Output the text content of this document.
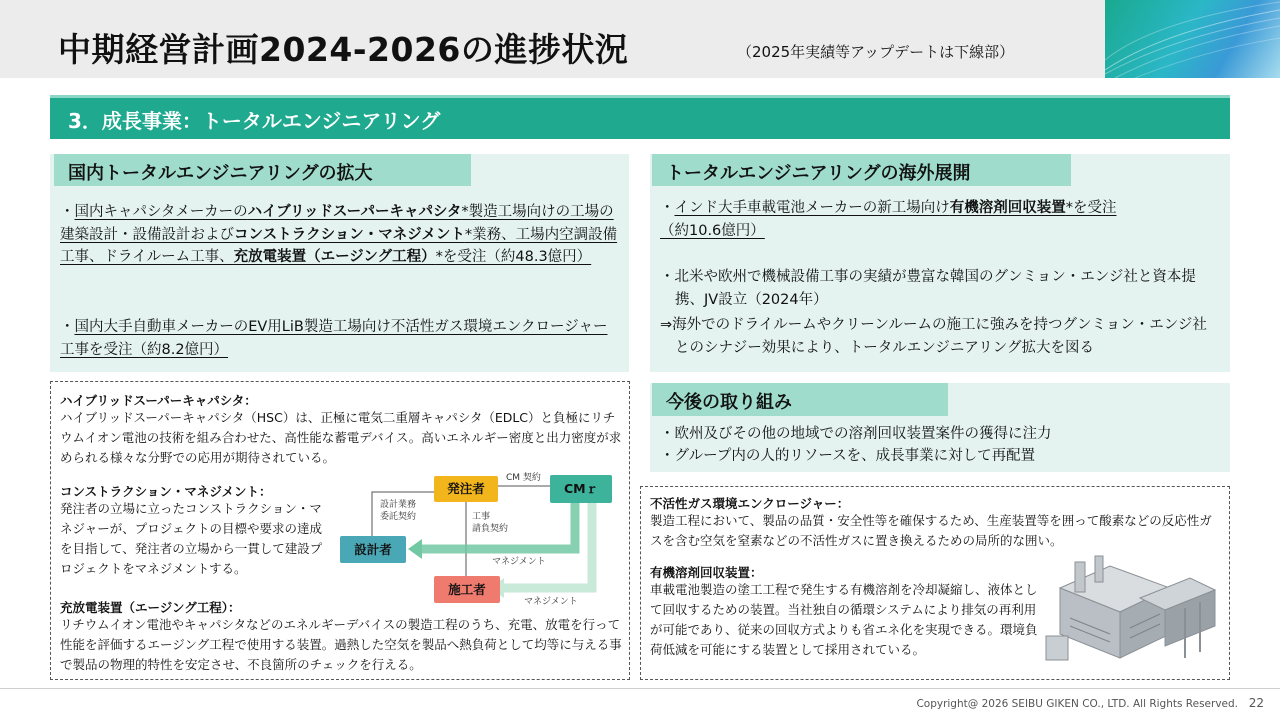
中期経営計画2024-2026の進捗状況	（2025年実績等アップデートは下線部）
3．成長事業：トータルエンジニアリング
国内トータルエンジニアリングの拡大
・国内キャパシタメーカーのハイブリッドスーパーキャパシタ*製造工場向けの工場の建築設計・設備設計およびコンストラクション・マネジメント*業務、工場内空調設備工事、ドライルーム工事、充放電装置（エージング工程）*を受注（約48.3億円）
・国内大手自動車メーカーのEV用LiB製造工場向け不活性ガス環境エンクロージャー工事を受注（約8.2億円）
トータルエンジニアリングの海外展開
・インド大手車載電池メーカーの新工場向け有機溶剤回収装置*を受注
（約10.6億円）
・北米や欧州で機械設備工事の実績が豊富な韓国のグンミョン・エンジ社と資本提携、JV設立（2024年）
⇒海外でのドライルームやクリーンルームの施工に強みを持つグンミョン・エンジ社とのシナジー効果により、トータルエンジニアリング拡大を図る
今後の取り組み
・欧州及びその他の地域での溶剤回収装置案件の獲得に注力
・グループ内の人的リソースを、成長事業に対して再配置
ハイブリッドスーパーキャパシタ：
ハイブリッドスーパーキャパシタ（HSC）は、正極に電気二重層キャパシタ（EDLC）と負極にリチウムイオン電池の技術を組み合わせた、高性能な蓄電デバイス。高いエネルギー密度と出力密度が求められる様々な分野での応用が期待されている。
コンストラクション・マネジメント：
発注者の立場に立ったコンストラクション・マネジャーが、プロジェクトの目標や要求の達成を目指して、発注者の立場から一貫して建設プロジェクトをマネジメントする。
充放電装置（エージング工程）：
リチウムイオン電池やキャパシタなどのエネルギーデバイスの製造工程のうち、充電、放電を行って性能を評価するエージング工程で使用する装置。過熱した空気を製品へ熱負荷として均等に与える事で製品の物理的特性を安定させ、不良箇所のチェックを行える。
発注者	CMｒ
設計者
施工者
CM 契約
設計業務
委託契約	工事
請負契約
マネジメント
マネジメント
不活性ガス環境エンクロージャー：
製造工程において、製品の品質・安全性等を確保するため、生産装置等を囲って酸素などの反応性ガスを含む空気を窒素などの不活性ガスに置き換えるための局所的な囲い。
有機溶剤回収装置：
車載電池製造の塗工工程で発生する有機溶剤を冷却凝縮し、液体として回収するための装置。当社独自の循環システムにより排気の再利用が可能であり、従来の回収方式よりも省エネ化を実現できる。環境負荷低減を可能にする装置として採用されている。
Copyright@ 2026 SEIBU GIKEN CO., LTD. All Rights Reserved. 22
